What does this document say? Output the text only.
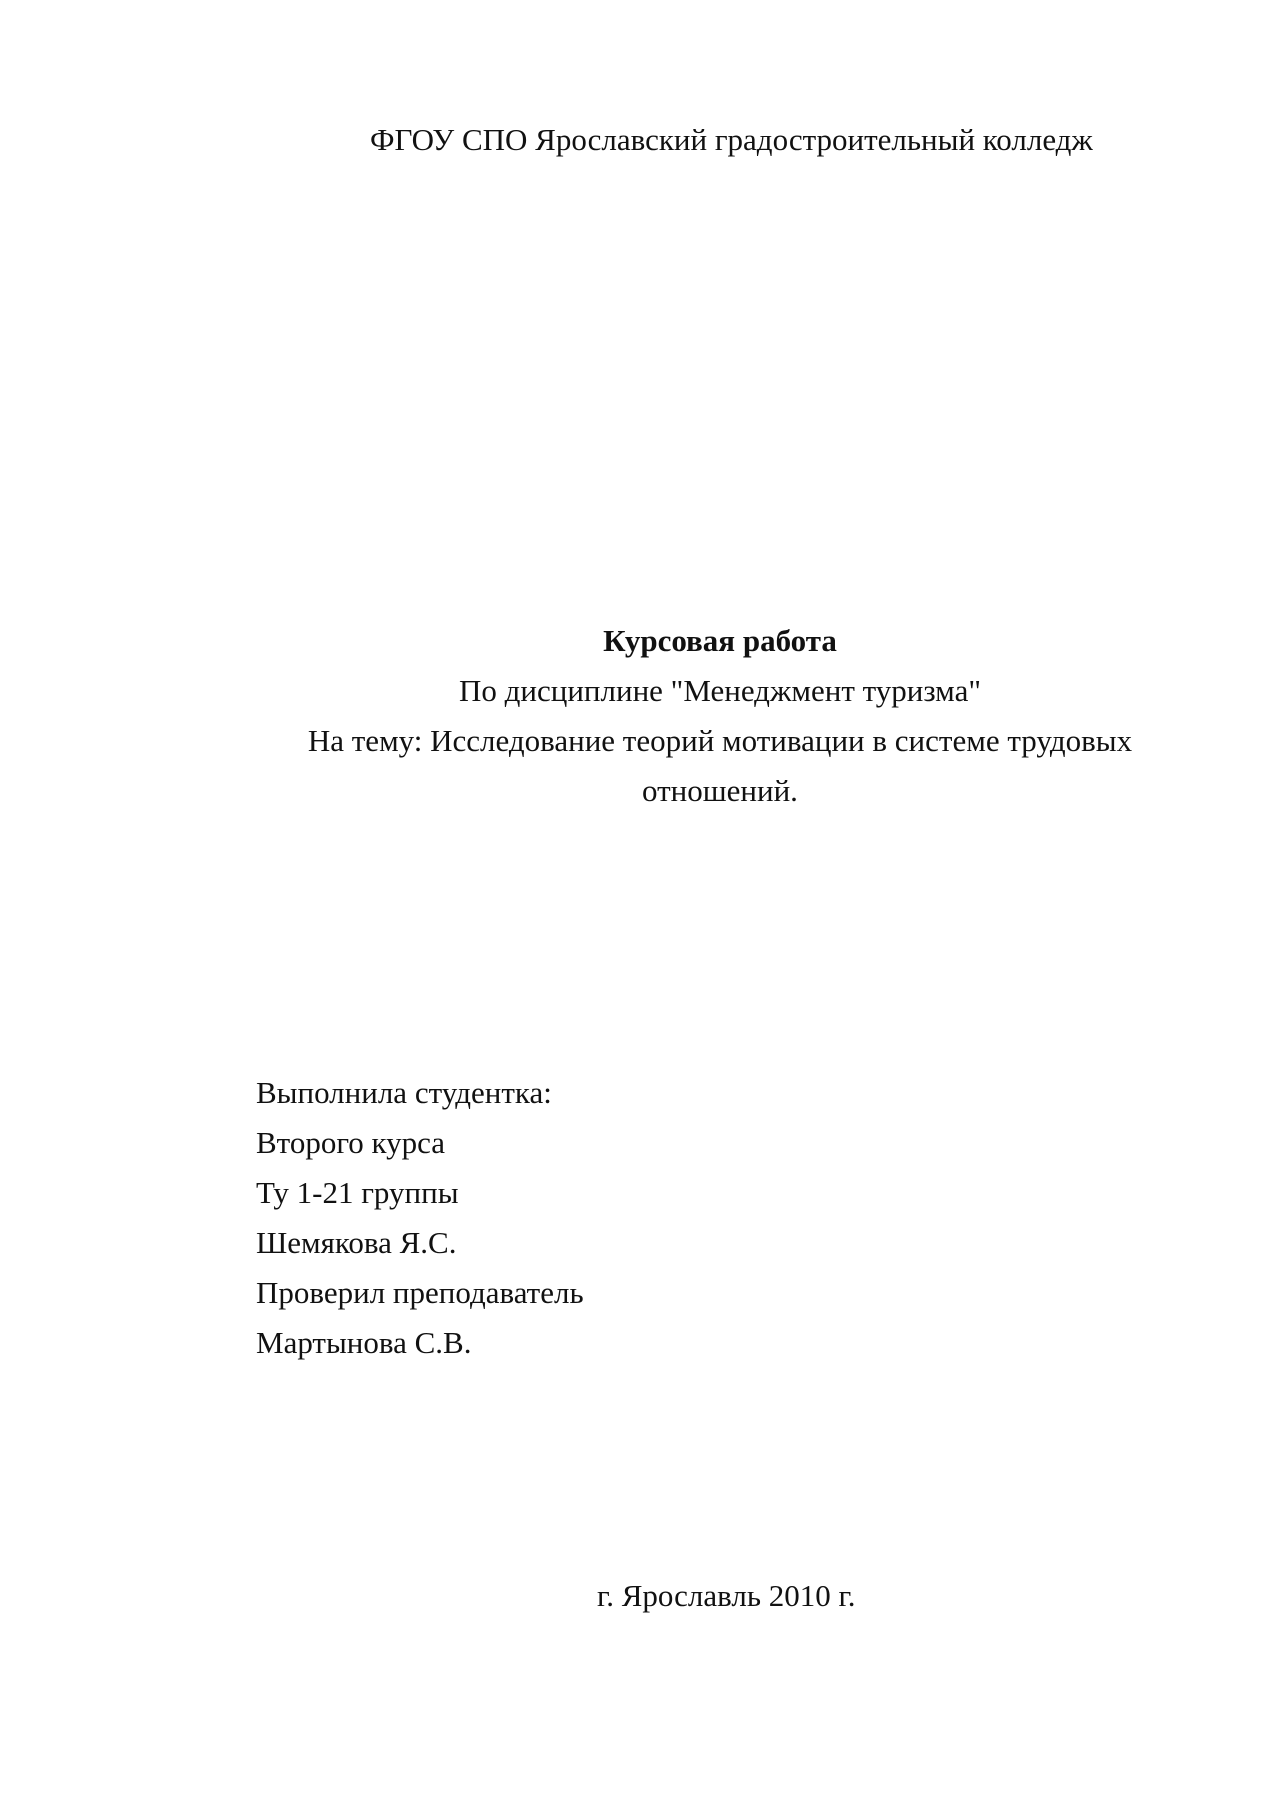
ФГОУ СПО Ярославский градостроительный колледж
Курсовая работа
По дисциплине "Менеджмент туризма"
На тему: Исследование теорий мотивации в системе трудовых
отношений.
Выполнила студентка:
Второго курса
Ту 1-21 группы
Шемякова Я.С.
Проверил преподаватель
Мартынова С.В.
г. Ярославль 2010 г.
